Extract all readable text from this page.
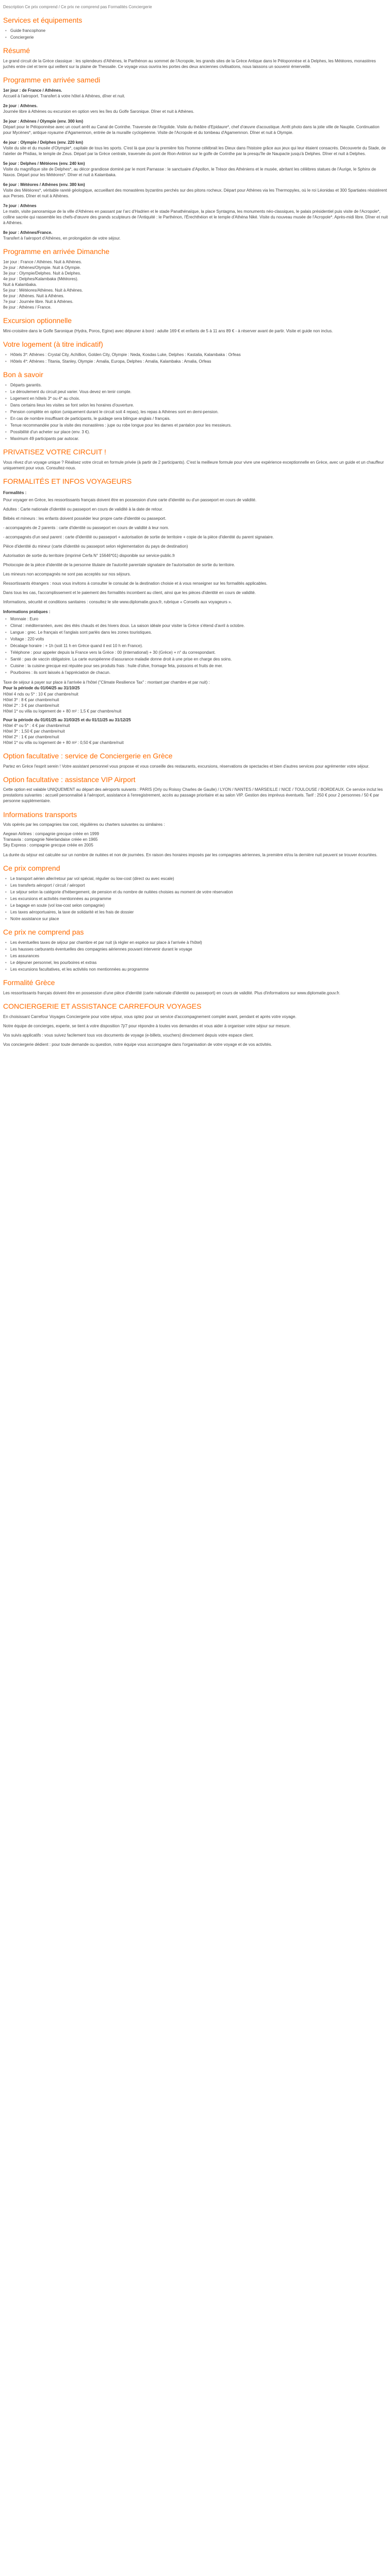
Description Ce prix comprend / Ce prix ne comprend pas Formalités Conciergerie

Services et équipements
• Guide francophone
• Conciergerie
Résumé

Le grand circuit de la Grèce classique : les splendeurs d'Athènes, le Parthénon au sommet de l'Acropole, les grands sites de la Grèce Antique dans le Péloponnèse et à Delphes, les Météores, monastères juchés entre ciel et terre qui veillent sur la plaine de Thessalie. Ce voyage vous ouvrira les portes des deux anciennes civilisations, nous laissons un souvenir émerveillé.

Programme en arrivée samedi
1er jour : de France / Athènes.
Accueil à l'aéroport. Transfert à votre hôtel à Athènes, dîner et nuit.
2e jour : Athènes.
Journée libre à Athènes ou excursion en option vers les îles du Golfe Saronique. Dîner et nuit à Athènes.
3e jour : Athènes / Olympie (env. 300 km)
Départ pour le Péloponnèse avec un court arrêt au Canal de Corinthe. Traversée de l'Argolide. Visite du théâtre d'Epidaure*, chef d'œuvre d'acoustique. Arrêt photo dans la jolie ville de Nauplie. Continuation pour Mycènes*, antique royaume d'Agamemnon, entrée de la muraille cyclopéenne. Visite de l'Acropole et du tombeau d'Agamemnon. Dîner et nuit à Olympie.
4e jour : Olympie / Delphes (env. 220 km)
Visite du site et du musée d'Olympie*, capitale de tous les sports. C'est là que pour la première fois l'homme célébrait les Dieux dans l'histoire grâce aux jeux qui leur étaient consacrés. Découverte du Stade, de l'atelier de Phidias, le temple de Zeus. Départ par la Grèce centrale, traversée du pont de Rion-Antirion sur le golfe de Corinthe par la presqu'île de Naupacte jusqu'à Delphes. Dîner et nuit à Delphes.
5e jour : Delphes / Météores (env. 240 km)
Visite du magnifique site de Delphes*, au décor grandiose dominé par le mont Parnasse : le sanctuaire d'Apollon, le Trésor des Athéniens et le musée, abritant les célèbres statues de l'Aurige, le Sphinx de Naxos. Départ pour les Météores*. Dîner et nuit à Kalambaka.
6e jour : Météores / Athènes (env. 380 km)
Visite des Météores*, véritable rareté géologique, accueillant des monastères byzantins perchés sur des pitons rocheux. Départ pour Athènes via les Thermopyles, où le roi Léonidas et 300 Spartiates résistèrent aux Perses. Dîner et nuit à Athènes.
7e jour : Athènes
Le matin, visite panoramique de la ville d'Athènes en passant par l'arc d'Hadrien et le stade Panathénaïque, la place Syntagma, les monuments néo-classiques, le palais présidentiel puis visite de l'Acropole*, colline sacrée qui rassemble les chefs-d'œuvre des grands sculpteurs de l'Antiquité : le Parthénon, l'Érechthéion et le temple d'Athéna Niké. Visite du nouveau musée de l'Acropole*. Après-midi libre. Dîner et nuit à Athènes.
8e jour : Athènes/France.
Transfert à l'aéroport d'Athènes, en prolongation de votre séjour.
Programme en arrivée Dimanche
1er jour : France / Athènes. Nuit à Athènes.
2e jour : Athènes/Olympie. Nuit à Olympie.
3e jour : Olympie/Delphes. Nuit à Delphes.
4e jour : Delphes/Kalambaka (Météores).
Nuit à Kalambaka.
5e jour : Météores/Athènes. Nuit à Athènes.
6e jour : Athènes. Nuit à Athènes.
7e jour : Journée libre. Nuit à Athènes.
8e jour : Athènes / France.
Excursion optionnelle

Mini-croisière dans le Golfe Saronique (Hydra, Poros, Egine) avec déjeuner à bord : adulte 169 € et enfants de 5 à 11 ans 89 € - à réserver avant de partir. Visite et guide non inclus.

Votre logement (à titre indicatif)
• Hôtels 3*: Athènes : Crystal City, Achillion, Golden City, Olympie : Neda, Kosdas Luke, Delphes : Kastalia, Kalambaka : Orfeas
• Hôtels 4*: Athènes : Titania, Stanley, Olympie : Amalia, Europa, Delphes : Amalia, Kalambaka : Amalia, Orfeas
Bon à savoir
• Départs garantis.
• Le déroulement du circuit peut varier. Vous devez en tenir compte.
• Logement en hôtels 3* ou 4* au choix.
• Dans certains lieux les visites se font selon les horaires d'ouverture.
• Pension complète en option (uniquement durant le circuit soit 4 repas), les repas à Athènes sont en demi-pension.
• En cas de nombre insuffisant de participants, le guidage sera bilingue anglais / français.
• Tenue recommandée pour la visite des monastères : jupe ou robe longue pour les dames et pantalon pour les messieurs.
• Possibilité d'un acheter sur place (env. 3 €).
• Maximum 49 participants par autocar.
PRIVATISEZ VOTRE CIRCUIT !

Vous rêvez d'un voyage unique ? Réalisez votre circuit en formule privée (à partir de 2 participants). C'est la meilleure formule pour vivre une expérience exceptionnelle en Grèce, avec un guide et un chauffeur uniquement pour vous. Consultez-nous.

FORMALITÉS ET INFOS VOYAGEURS
Formalités :

Pour voyager en Grèce, les ressortissants français doivent être en possession d'une carte d'identité ou d'un passeport en cours de validité.

Adultes : Carte nationale d'identité ou passeport en cours de validité à la date de retour.

Bébés et mineurs : les enfants doivent posséder leur propre carte d'identité ou passeport.

- accompagnés de 2 parents : carte d'identité ou passeport en cours de validité à leur nom.

- accompagnés d'un seul parent : carte d'identité ou passeport + autorisation de sortie de territoire + copie de la pièce d'identité du parent signataire.

Pièce d'identité du mineur (carte d'identité ou passeport selon réglementation du pays de destination)

Autorisation de sortie du territoire (imprimé Cerfa N° 15646*01) disponible sur service-public.fr

Photocopie de la pièce d'identité de la personne titulaire de l'autorité parentale signataire de l'autorisation de sortie du territoire.

Les mineurs non accompagnés ne sont pas acceptés sur nos séjours.

Ressortissants étrangers : nous vous invitons à consulter le consulat de la destination choisie et à vous renseigner sur les formalités applicables.

Dans tous les cas, l'accomplissement et le paiement des formalités incombent au client, ainsi que les pièces d'identité en cours de validité.

Informations, sécurité et conditions sanitaires : consultez le site www.diplomatie.gouv.fr, rubrique « Conseils aux voyageurs ».

Informations pratiques :
• Monnaie : Euro
• Climat : méditerranéen, avec des étés chauds et des hivers doux. La saison idéale pour visiter la Grèce s'étend d'avril à octobre.
• Langue : grec. Le français et l'anglais sont parlés dans les zones touristiques.
• Voltage : 220 volts
• Décalage horaire : + 1h (soit 11 h en Grèce quand il est 10 h en France).
• Téléphone : pour appeler depuis la France vers la Grèce : 00 (international) + 30 (Grèce) + n° du correspondant.
• Santé : pas de vaccin obligatoire. La carte européenne d'assurance maladie donne droit à une prise en charge des soins.
• Cuisine : la cuisine grecque est réputée pour ses produits frais : huile d'olive, fromage feta, poissons et fruits de mer.
• Pourboires : ils sont laissés à l'appréciation de chacun.
Taxe de séjour à payer sur place à l'arrivée à l'hôtel ("Climate Resilience Tax" : montant par chambre et par nuit) :
Pour la période du 01/04/25 au 31/10/25
Hôtel 4 nds ou 5* : 10 € par chambre/nuit
Hôtel 3* : 8 € par chambre/nuit
Hôtel 2* : 3 € par chambre/nuit
Hôtel 1* ou villa ou logement de + 80 m² : 1,5 € par chambre/nuit
Pour la période du 01/01/25 au 31/03/25 et du 01/11/25 au 31/12/25
Hôtel 4* ou 5* : 4 € par chambre/nuit
Hôtel 3* : 1,50 € par chambre/nuit
Hôtel 2* : 1 € par chambre/nuit
Hôtel 1* ou villa ou logement de + 80 m² : 0,50 € par chambre/nuit
Option facultative : service de Conciergerie en Grèce

Partez en Grèce l'esprit serein ! Votre assistant personnel vous propose et vous conseille des restaurants, excursions, réservations de spectacles et bien d'autres services pour agrémenter votre séjour.

Option facultative : assistance VIP Airport

Cette option est valable UNIQUEMENT au départ des aéroports suivants : PARIS (Orly ou Roissy Charles de Gaulle) / LYON / NANTES / MARSEILLE / NICE / TOULOUSE / BORDEAUX. Ce service inclut les prestations suivantes : accueil personnalisé à l'aéroport, assistance à l'enregistrement, accès au passage prioritaire et au salon VIP. Gestion des imprévus éventuels. Tarif : 250 € pour 2 personnes / 50 € par personne supplémentaire.

Informations transports

Vols opérés par les compagnies low cost, régulières ou charters suivantes ou similaires :

Aegean Airlines : compagnie grecque créée en 1999
Transavia : compagnie Néerlandaise créée en 1965
Sky Express : compagnie grecque créée en 2005

La durée du séjour est calculée sur un nombre de nuitées et non de journées. En raison des horaires imposés par les compagnies aériennes, la première et/ou la dernière nuit peuvent se trouver écourtées.

Ce prix comprend
• Le transport aérien aller/retour par vol spécial, régulier ou low-cost (direct ou avec escale)
• Les transferts aéroport / circuit / aéroport
• Le séjour selon la catégorie d'hébergement, de pension et du nombre de nuitées choisies au moment de votre réservation
• Les excursions et activités mentionnées au programme
• Le bagage en soute (vol low-cost selon compagnie)
• Les taxes aéroportuaires, la taxe de solidarité et les frais de dossier
• Notre assistance sur place
Ce prix ne comprend pas
• Les éventuelles taxes de séjour par chambre et par nuit (à régler en espèce sur place à l'arrivée à l'hôtel)
• Les hausses carburants éventuelles des compagnies aériennes pouvant intervenir durant le voyage
• Les assurances
• Le déjeuner personnel, les pourboires et extras
• Les excursions facultatives, et les activités non mentionnées au programme
Formalité Grèce

Les ressortissants français doivent être en possession d'une pièce d'identité (carte nationale d'identité ou passeport) en cours de validité. Plus d'informations sur www.diplomatie.gouv.fr.

CONCIERGERIE ET ASSISTANCE CARREFOUR VOYAGES

En choisissant Carrefour Voyages Conciergerie pour votre séjour, vous optez pour un service d'accompagnement complet avant, pendant et après votre voyage.

Notre équipe de concierges, experte, se tient à votre disposition 7j/7 pour répondre à toutes vos demandes et vous aider à organiser votre séjour sur mesure.

Vos suivis applicatifs : vous suivez facilement tous vos documents de voyage (e-billets, vouchers) directement depuis votre espace client.

Vos conciergerie dédient : pour toute demande ou question, notre équipe vous accompagne dans l'organisation de votre voyage et de vos activités.
